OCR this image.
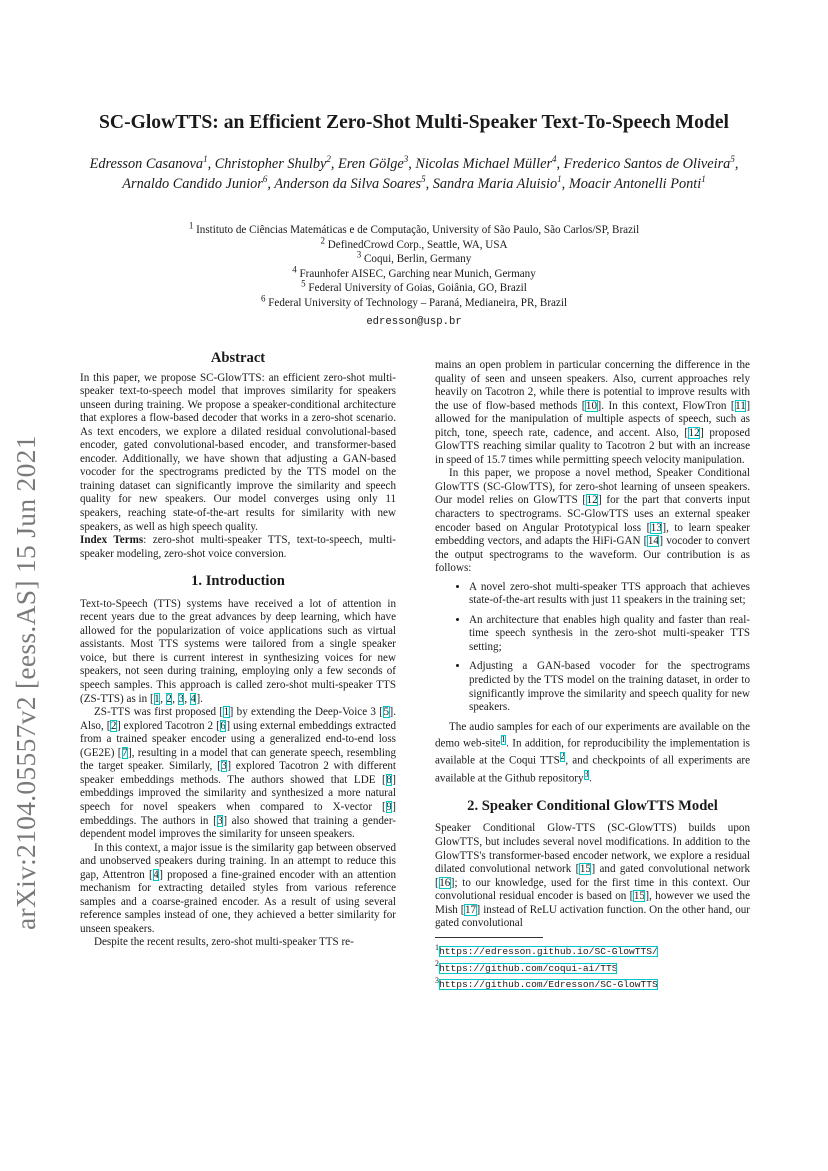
SC-GlowTTS: an Efficient Zero-Shot Multi-Speaker Text-To-Speech Model
Edresson Casanova$^1$, Christopher Shulby$^2$, Eren Gölge$^3$, Nicolas Michael Müller$^4$, Frederico Santos de Oliveira$^5$, Arnaldo Candido Junior$^6$, Anderson da Silva Soares$^5$, Sandra Maria Aluisio$^1$, Moacir Antonelli Ponti$^1$
$^1$ Instituto de Ciências Matemáticas e de Computação, University of São Paulo, São Carlos/SP, Brazil
$^2$ DefinedCrowd Corp., Seattle, WA, USA
$^3$ Coqui, Berlin, Germany
$^4$ Fraunhofer AISEC, Garching near Munich, Germany
$^5$ Federal University of Goias, Goiânia, GO, Brazil
$^6$ Federal University of Technology – Paraná, Medianeira, PR, Brazil
edresson@usp.br
arXiv:2104.05557v2 [eess.AS] 15 Jun 2021
Abstract

In this paper, we propose SC-GlowTTS: an efficient zero-shot multi-speaker text-to-speech model that improves similarity for speakers unseen during training. We propose a speaker-conditional architecture that explores a flow-based decoder that works in a zero-shot scenario. As text encoders, we explore a dilated residual convolutional-based encoder, gated convolutional-based encoder, and transformer-based encoder. Additionally, we have shown that adjusting a GAN-based vocoder for the spectrograms predicted by the TTS model on the training dataset can significantly improve the similarity and speech quality for new speakers. Our model converges using only 11 speakers, reaching state-of-the-art results for similarity with new speakers, as well as high speech quality.

Index Terms: zero-shot multi-speaker TTS, text-to-speech, multi-speaker modeling, zero-shot voice conversion.

1. Introduction

Text-to-Speech (TTS) systems have received a lot of attention in recent years due to the great advances by deep learning, which have allowed for the popularization of voice applications such as virtual assistants. Most TTS systems were tailored from a single speaker voice, but there is current interest in synthesizing voices for new speakers, not seen during training, employing only a few seconds of speech samples. This approach is called zero-shot multi-speaker TTS (ZS-TTS) as in [1, 2, 3, 4].

ZS-TTS was first proposed [1] by extending the Deep-Voice 3 [5]. Also, [2] explored Tacotron 2 [6] using external embeddings extracted from a trained speaker encoder using a generalized end-to-end loss (GE2E) [7], resulting in a model that can generate speech, resembling the target speaker. Similarly, [3] explored Tacotron 2 with different speaker embeddings methods. The authors showed that LDE [8] embeddings improved the similarity and synthesized a more natural speech for novel speakers when compared to X-vector [9] embeddings. The authors in [3] also showed that training a gender-dependent model improves the similarity for unseen speakers.

In this context, a major issue is the similarity gap between observed and unobserved speakers during training. In an attempt to reduce this gap, Attentron [4] proposed a fine-grained encoder with an attention mechanism for extracting detailed styles from various reference samples and a coarse-grained encoder. As a result of using several reference samples instead of one, they achieved a better similarity for unseen speakers.

Despite the recent results, zero-shot multi-speaker TTS re-

mains an open problem in particular concerning the difference in the quality of seen and unseen speakers. Also, current approaches rely heavily on Tacotron 2, while there is potential to improve results with the use of flow-based methods [10]. In this context, FlowTron [11] allowed for the manipulation of multiple aspects of speech, such as pitch, tone, speech rate, cadence, and accent. Also, [12] proposed GlowTTS reaching similar quality to Tacotron 2 but with an increase in speed of 15.7 times while permitting speech velocity manipulation.

In this paper, we propose a novel method, Speaker Conditional GlowTTS (SC-GlowTTS), for zero-shot learning of unseen speakers. Our model relies on GlowTTS [12] for the part that converts input characters to spectrograms. SC-GlowTTS uses an external speaker encoder based on Angular Prototypical loss [13], to learn speaker embedding vectors, and adapts the HiFi-GAN [14] vocoder to convert the output spectrograms to the waveform. Our contribution is as follows:

• A novel zero-shot multi-speaker TTS approach that achieves state-of-the-art results with just 11 speakers in the training set;
• An architecture that enables high quality and faster than real-time speech synthesis in the zero-shot multi-speaker TTS setting;
• Adjusting a GAN-based vocoder for the spectrograms predicted by the TTS model on the training dataset, in order to significantly improve the similarity and speech quality for new speakers.

The audio samples for each of our experiments are available on the demo web-site$^1$. In addition, for reproducibility the implementation is available at the Coqui TTS$^2$, and checkpoints of all experiments are available at the Github repository$^3$.

2. Speaker Conditional GlowTTS Model

Speaker Conditional Glow-TTS (SC-GlowTTS) builds upon GlowTTS, but includes several novel modifications. In addition to the GlowTTS's transformer-based encoder network, we explore a residual dilated convolutional network [15] and gated convolutional network [16]; to our knowledge, used for the first time in this context. Our convolutional residual encoder is based on [15], however we used the Mish [17] instead of ReLU activation function. On the other hand, our gated convolutional

$^1$https://edresson.github.io/SC-GlowTTS/
$^2$https://github.com/coqui-ai/TTS
$^3$https://github.com/Edresson/SC-GlowTTS
